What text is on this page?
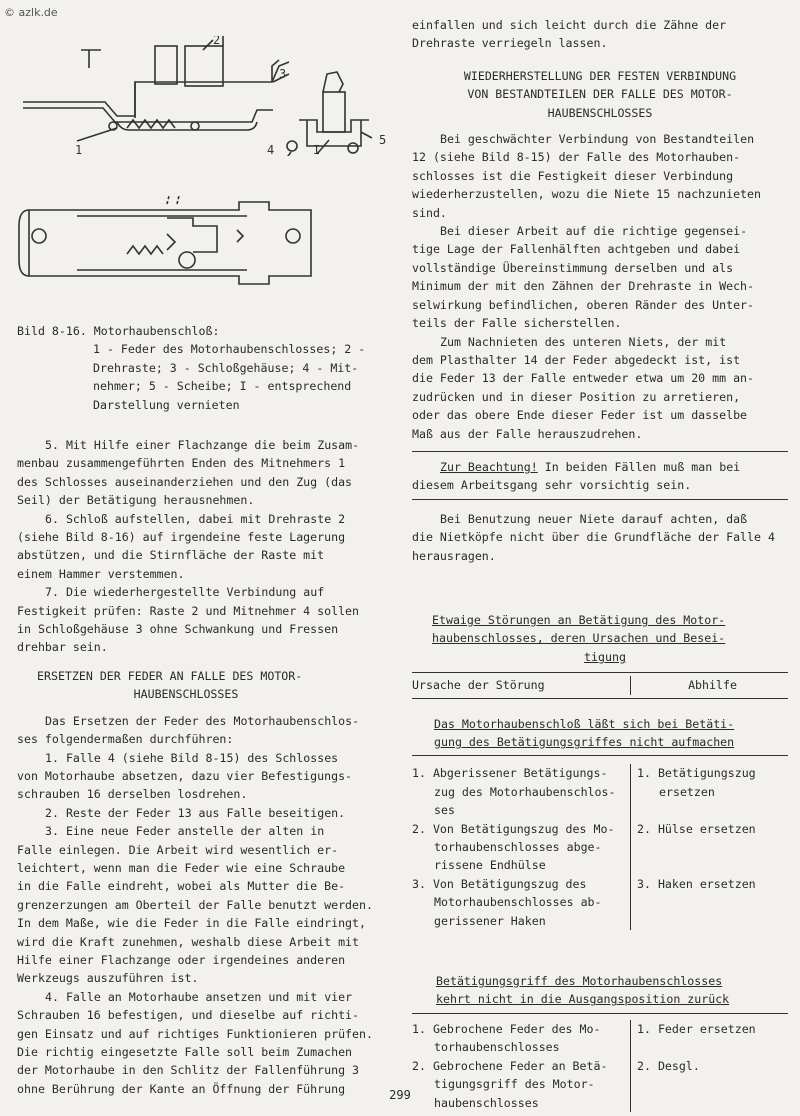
© azlk.de
1
2
3
4
5
I

Bild 8-16. Motorhaubenschloß:

1 - Feder des Motorhaubenschlosses; 2 -

Drehraste; 3 - Schloßgehäuse; 4 - Mit-

nehmer; 5 - Scheibe; I - entsprechend

Darstellung vernieten

5. Mit Hilfe einer Flachzange die beim Zusam-

menbau zusammengeführten Enden des Mitnehmers 1

des Schlosses auseinanderziehen und den Zug (das

Seil) der Betätigung herausnehmen.

6. Schloß aufstellen, dabei mit Drehraste 2

(siehe Bild 8-16) auf irgendeine feste Lagerung

abstützen, und die Stirnfläche der Raste mit

einem Hammer verstemmen.

7. Die wiederhergestellte Verbindung auf

Festigkeit prüfen: Raste 2 und Mitnehmer 4 sollen

in Schloßgehäuse 3 ohne Schwankung und Fressen

drehbar sein.

ERSETZEN DER FEDER AN FALLE DES MOTOR-

HAUBENSCHLOSSES

Das Ersetzen der Feder des Motorhaubenschlos-

ses folgendermaßen durchführen:

1. Falle 4 (siehe Bild 8-15) des Schlosses

von Motorhaube absetzen, dazu vier Befestigungs-

schrauben 16 derselben losdrehen.

2. Reste der Feder 13 aus Falle beseitigen.

3. Eine neue Feder anstelle der alten in

Falle einlegen. Die Arbeit wird wesentlich er-

leichtert, wenn man die Feder wie eine Schraube

in die Falle eindreht, wobei als Mutter die Be-

grenzerzungen am Oberteil der Falle benutzt werden.

In dem Maße, wie die Feder in die Falle eindringt,

wird die Kraft zunehmen, weshalb diese Arbeit mit

Hilfe einer Flachzange oder irgendeines anderen

Werkzeugs auszuführen ist.

4. Falle an Motorhaube ansetzen und mit vier

Schrauben 16 befestigen, und dieselbe auf richti-

gen Einsatz und auf richtiges Funktionieren prüfen.

Die richtig eingesetzte Falle soll beim Zumachen

der Motorhaube in den Schlitz der Fallenführung 3

ohne Berührung der Kante an Öffnung der Führung

einfallen und sich leicht durch die Zähne der

Drehraste verriegeln lassen.

WIEDERHERSTELLUNG DER FESTEN VERBINDUNG

VON BESTANDTEILEN DER FALLE DES MOTOR-

HAUBENSCHLOSSES

Bei geschwächter Verbindung von Bestandteilen

12 (siehe Bild 8-15) der Falle des Motorhauben-

schlosses ist die Festigkeit dieser Verbindung

wiederherzustellen, wozu die Niete 15 nachzunieten

sind.

Bei dieser Arbeit auf die richtige gegensei-

tige Lage der Fallenhälften achtgeben und dabei

vollständige Übereinstimmung derselben und als

Minimum der mit den Zähnen der Drehraste in Wech-

selwirkung befindlichen, oberen Ränder des Unter-

teils der Falle sicherstellen.

Zum Nachnieten des unteren Niets, der mit

dem Plasthalter 14 der Feder abgedeckt ist, ist

die Feder 13 der Falle entweder etwa um 20 mm an-

zudrücken und in dieser Position zu arretieren,

oder das obere Ende dieser Feder ist um dasselbe

Maß aus der Falle herauszudrehen.

Zur Beachtung! In beiden Fällen muß man bei

diesem Arbeitsgang sehr vorsichtig sein.

Bei Benutzung neuer Niete darauf achten, daß

die Nietköpfe nicht über die Grundfläche der Falle 4

herausragen.

Etwaige Störungen an Betätigung des Motor-

haubenschlosses, deren Ursachen und Besei-

tigung

Ursache der Störung	Abhilfe

Das Motorhaubenschloß läßt sich bei Betäti-

gung des Betätigungsgriffes nicht aufmachen

1. Abgerissener Betätigungs-

zug des Motorhaubenschlos-

ses

1. Betätigungszug

ersetzen

2. Von Betätigungszug des Mo-

torhaubenschlosses abge-

rissene Endhülse

2. Hülse ersetzen

3. Von Betätigungszug des

Motorhaubenschlosses ab-

gerissener Haken

3. Haken ersetzen

Betätigungsgriff des Motorhaubenschlosses

kehrt nicht in die Ausgangsposition zurück

1. Gebrochene Feder des Mo-

torhaubenschlosses

1. Feder ersetzen

2. Gebrochene Feder an Betä-

tigungsgriff des Motor-

haubenschlosses

2. Desgl.

299
